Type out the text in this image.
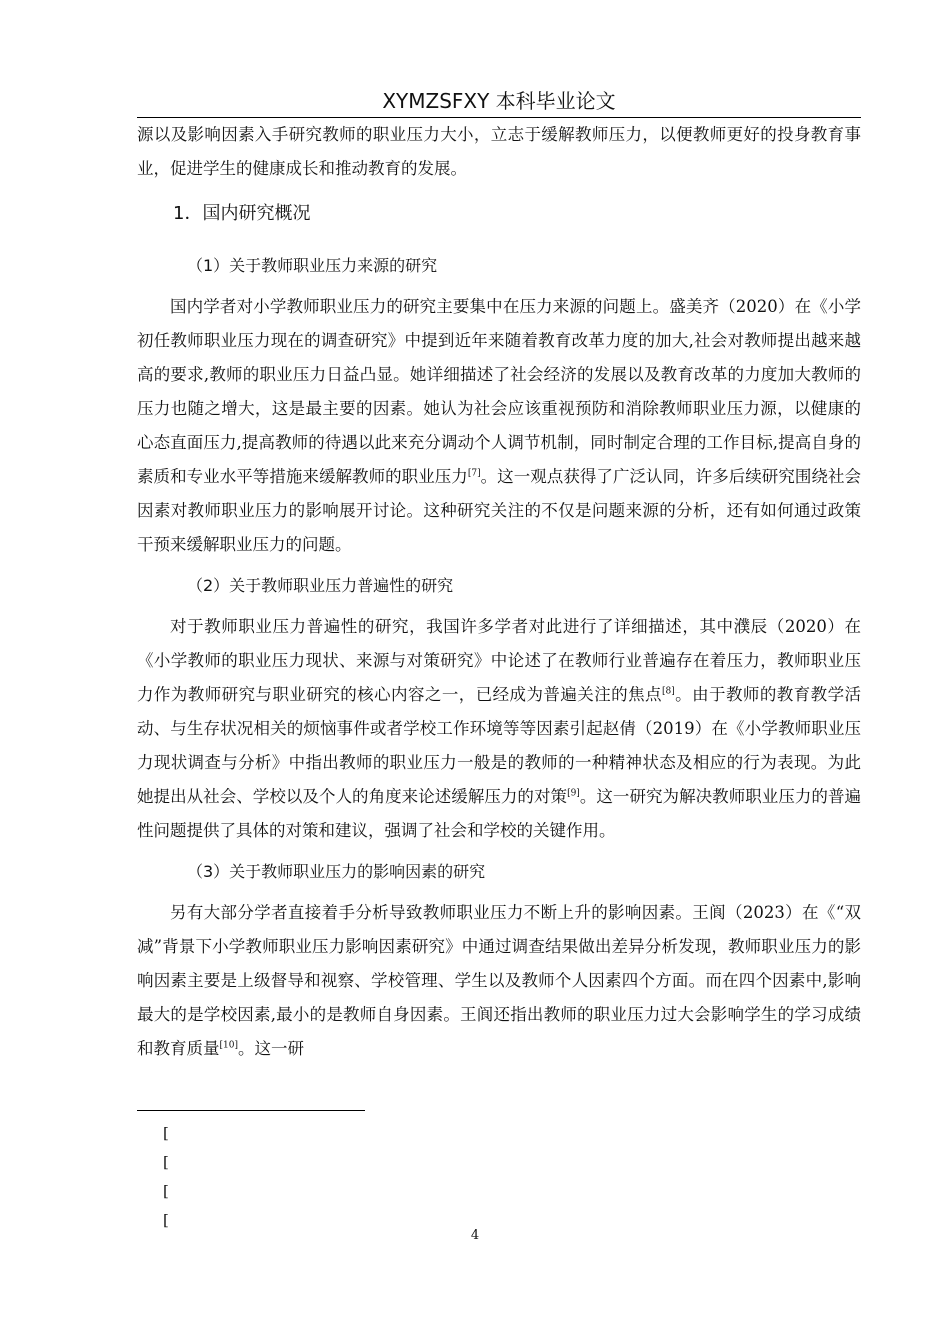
XYMZSFXY 本科毕业论文

源以及影响因素入手研究教师的职业压力大小，立志于缓解教师压力，以便教师更好的投身教育事业，促进学生的健康成长和推动教育的发展。

1．国内研究概况
（1）关于教师职业压力来源的研究

国内学者对小学教师职业压力的研究主要集中在压力来源的问题上。盛美齐（2020）在《小学初任教师职业压力现在的调查研究》中提到近年来随着教育改革力度的加大,社会对教师提出越来越高的要求,教师的职业压力日益凸显。她详细描述了社会经济的发展以及教育改革的力度加大教师的压力也随之增大，这是最主要的因素。她认为社会应该重视预防和消除教师职业压力源，以健康的心态直面压力,提高教师的待遇以此来充分调动个人调节机制，同时制定合理的工作目标,提高自身的素质和专业水平等措施来缓解教师的职业压力[7]。这一观点获得了广泛认同，许多后续研究围绕社会因素对教师职业压力的影响展开讨论。这种研究关注的不仅是问题来源的分析，还有如何通过政策干预来缓解职业压力的问题。

（2）关于教师职业压力普遍性的研究

对于教师职业压力普遍性的研究，我国许多学者对此进行了详细描述，其中濮辰（2020）在《小学教师的职业压力现状、来源与对策研究》中论述了在教师行业普遍存在着压力，教师职业压力作为教师研究与职业研究的核心内容之一，已经成为普遍关注的焦点[8]。由于教师的教育教学活动、与生存状况相关的烦恼事件或者学校工作环境等等因素引起赵倩（2019）在《小学教师职业压力现状调查与分析》中指出教师的职业压力一般是的教师的一种精神状态及相应的行为表现。为此她提出从社会、学校以及个人的角度来论述缓解压力的对策[9]。这一研究为解决教师职业压力的普遍性问题提供了具体的对策和建议，强调了社会和学校的关键作用。

（3）关于教师职业压力的影响因素的研究

另有大部分学者直接着手分析导致教师职业压力不断上升的影响因素。王阆（2023）在《“双减”背景下小学教师职业压力影响因素研究》中通过调查结果做出差异分析发现，教师职业压力的影响因素主要是上级督导和视察、学校管理、学生以及教师个人因素四个方面。而在四个因素中,影响最大的是学校因素,最小的是教师自身因素。王阆还指出教师的职业压力过大会影响学生的学习成绩和教育质量[10]。这一研

[
[
[
[
4
